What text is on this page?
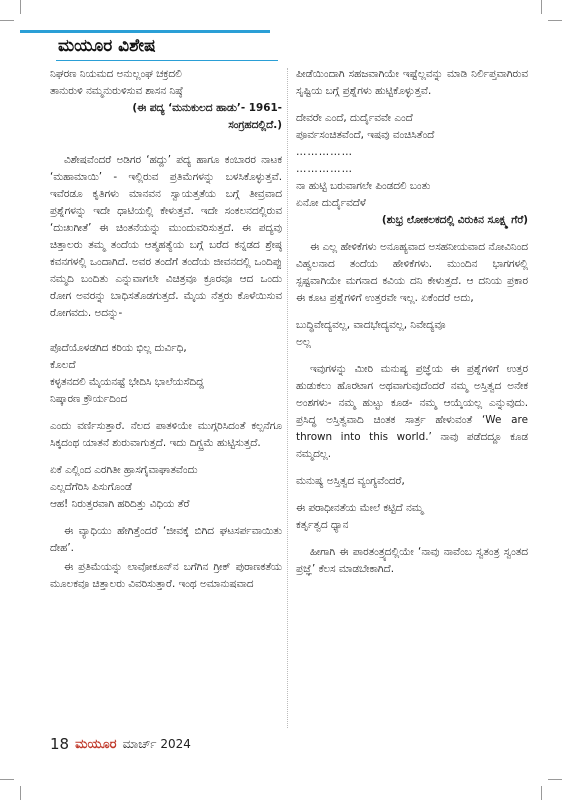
ಮಯೂರ ವಿಶೇಷ
ನಿಘರಣ ನಿಯಮದ ಅನುಲ್ಲಂಘ ಚಕ್ರದಲಿ
ತಾನುರುಳಿ ನಮ್ಮನುರುಳಿಸುವ ಶಾಸನ ನಿಷ್ಠೆ
(ಈ ಪದ್ಯ ‘ಮನುಕುಲದ ಹಾಡು’- 1961-
ಸಂಗ್ರಹದಲ್ಲಿದೆ.)

ವಿಶೇಷವೆಂದರೆ ಅಡಿಗರ ‘ಹದ್ದು’ ಪದ್ಯ ಹಾಗೂ ಕಂಬಾರರ ನಾಟಕ ‘ಮಹಾಮಾಯಿ’ - ಇಲ್ಲಿರುವ ಪ್ರತಿಮೆಗಳನ್ನು ಬಳಸಿಕೊಳ್ಳುತ್ತವೆ. ಇವೆರಡೂ ಕೃತಿಗಳು ಮಾನವನ ಸ್ವಾಯತ್ತತೆಯ ಬಗ್ಗೆ ತೀವ್ರವಾದ ಪ್ರಶ್ನೆಗಳನ್ನು ಇದೇ ಧಾಟಿಯಲ್ಲಿ ಕೇಳುತ್ತವೆ. ಇದೇ ಸಂಕಲನದಲ್ಲಿರುವ ‘ದುಃಖಗೀತೆ’ ಈ ಚಿಂತನೆಯನ್ನು ಮುಂದುವರಿಸುತ್ತದೆ. ಈ ಪದ್ಯವು ಚಿತ್ತಾಲರು ತಮ್ಮ ತಂದೆಯ ಆತ್ಮಹತ್ಯೆಯ ಬಗ್ಗೆ ಬರೆದ ಕನ್ನಡದ ಶ್ರೇಷ್ಠ ಕವನಗಳಲ್ಲಿ ಒಂದಾಗಿದೆ. ಅವರ ತಂದೆಗೆ ತಂದೆಯ ಜೀವನದಲ್ಲಿ ಒಂದಿಪ್ಪು ನಮ್ಮದಿ ಬಂದಿತು ಎನ್ನುವಾಗಲೇ ವಿಚಿತ್ರವೂ ಕ್ರೂರವೂ ಆದ ಒಂದು ರೋಗ ಅವರನ್ನು ಬಾಧಿಸತೊಡಗುತ್ತದೆ. ಮೈಯ ನೆತ್ತರು ಕೊಳೆಯಿಸುವ ರೋಗವದು. ಅದನ್ನು-

ಪೊದೆಯೊಳಡಗಿದ ಕರಿಯ ಭಿಲ್ಲ ದುರ್ವಿಧಿ,
ಕೊಲದೆ
ಕಳ್ಳತನದಲಿ ಮೈಯನಷ್ಟೆ ಭೇದಿಸಿ ಭಾಲೆಯಸೆದಿದ್ದ
ನಿಷ್ಕಾರಣ ಕ್ರೌರ್ಯದಿಂದ

ಎಂದು ವರ್ಣಿಸುತ್ತಾರೆ. ನೆಲದ ಪಾತಳಿಯೇ ಮುಗ್ಗರಿಸಿದಂತೆ ಕಲ್ಪನೆಗೂ ಸಿಕ್ಕದಂಥ ಯಾತನೆ ಶುರುವಾಗುತ್ತದೆ. ಇದು ದಿಗ್ಭ್ರಮೆ ಹುಟ್ಟಿಸುತ್ತದೆ.

ಏಕೆ ಎಲ್ಲಿಂದ ಎರಗಿತೀ ಹ್ರಾಸಗೈವಾಘಾತವೆಂದು
ಎಲ್ಲದೆಗೆರಿಸಿ ಪಿಸುಗೊಂಡೆ
ಆಹ! ನಿರುತ್ತರವಾಗಿ ಹರಿದಿತ್ತು ವಿಧಿಯ ತೆರೆ

ಈ ವ್ಯಾಧಿಯು ಹೇಗಿತ್ತೆಂದರೆ ‘ಜೀವಕ್ಕೆ ಬಿಗಿದ ಘಟಸರ್ಪವಾಯಿತು ದೇಹ’.

ಈ ಪ್ರತಿಮೆಯನ್ನು ಲಾವೋಕೂನ್‌ನ ಬಗೆಗಿನ ಗ್ರೀಕ್ ಪುರಾಣಕತೆಯ ಮೂಲಕವೂ ಚಿತ್ತಾಲರು ವಿವರಿಸುತ್ತಾರೆ. ಇಂಥ ಅಮಾನುಷವಾದ

ಪೀಡೆಯಿಂದಾಗಿ ಸಹಜವಾಗಿಯೇ ಇಷ್ಟೆಲ್ಲವನ್ನು ಮಾಡಿ ನಿರ್ಲಿಪ್ತವಾಗಿರುವ ಸೃಷ್ಟಿಯ ಬಗ್ಗೆ ಪ್ರಶ್ನೆಗಳು ಹುಟ್ಟಿಕೊಳ್ಳುತ್ತವೆ.

ದೇವರೇ ಎಂದೆ, ದುರ್ದೈವವೇ ಎಂದೆ
ಪೂರ್ವಸಂಚಿತವೆಂದೆ, ಇಷವು ವಂಚಿಸಿತೆಂದೆ
……………
……………
ನಾ ಹುಟ್ಟಿ ಬರುವಾಗಲೇ ಪಿಂಡದಲಿ ಬಂತು
ಏನೋ ದುರ್ದೈವದೆಳೆ
(ಶುಭ್ರ ಲೋಕಲಕದಲ್ಲಿ ವಿರುಕಿನ ಸೂಕ್ಷ್ಮ ಗೆರೆ)

ಈ ಎಲ್ಲ ಹೇಳಿಕೆಗಳು ಅನೂಹ್ಯವಾದ ಅಸಹನೀಯವಾದ ನೋವಿನಿಂದ ವಿಹ್ವಲನಾದ ತಂದೆಯ ಹೇಳಿಕೆಗಳು. ಮುಂದಿನ ಭಾಗಗಳಲ್ಲಿ ಸ್ಪಷ್ಟವಾಗಿಯೇ ಮಗನಾದ ಕವಿಯ ದನಿ ಕೇಳುತ್ತದೆ. ಆ ದನಿಯ ಪ್ರಕಾರ ಈ ಕೂಟ ಪ್ರಶ್ನೆಗಳಿಗೆ ಉತ್ತರವೇ ಇಲ್ಲ. ಏಕೆಂದರೆ ಅದು,

ಬುದ್ಧಿವೇದ್ಯವಲ್ಲ, ವಾದಭೇದ್ಯವಲ್ಲ, ನಿವೇದ್ಯವೂ
ಅಲ್ಲ

ಇವುಗಳನ್ನು ಮೀರಿ ಮನುಷ್ಯ ಪ್ರಜ್ಞೆಯ ಈ ಪ್ರಶ್ನೆಗಳಿಗೆ ಉತ್ತರ ಹುಡುಕಲು ಹೊರಟಾಗ ಅಥವಾಗುವುದೆಂದರೆ ನಮ್ಮ ಅಸ್ತಿತ್ವದ ಅನೇಕ ಅಂಶಗಳು- ನಮ್ಮ ಹುಟ್ಟು ಕೂಡ- ನಮ್ಮ ಆಯ್ಕೆಯಲ್ಲ ಎನ್ನುವುದು. ಪ್ರಸಿದ್ಧ ಅಸ್ತಿತ್ವವಾದಿ ಚಿಂತಕ ಸಾರ್ತ್ರ ಹೇಳುವಂತೆ ‘We are thrown into this world.’ ನಾವು ಪಡೆದದ್ದೂ ಕೂಡ ನಮ್ಮದಲ್ಲ.

ಮನುಷ್ಯ ಅಸ್ತಿತ್ವದ ವ್ಯಂಗ್ಯವೆಂದರೆ,

ಈ ಪರಾಧೀನತೆಯ ಮೇಲೆ ಕಟ್ಟಿದೆ ನಮ್ಮ
ಕರ್ತೃತ್ವದ ಧ್ಯಾನ

ಹೀಗಾಗಿ ಈ ಪಾರತಂತ್ರ್ಯದಲ್ಲಿಯೇ ‘ನಾವು ನಾವೆಂಬ ಸ್ವತಂತ್ರ ಸ್ವಂತದ ಪ್ರಜ್ಞೆ’ ಕೆಲಸ ಮಾಡಬೇಕಾಗಿದೆ.

18 ಮಯೂರ ಮಾರ್ಚ್ 2024
